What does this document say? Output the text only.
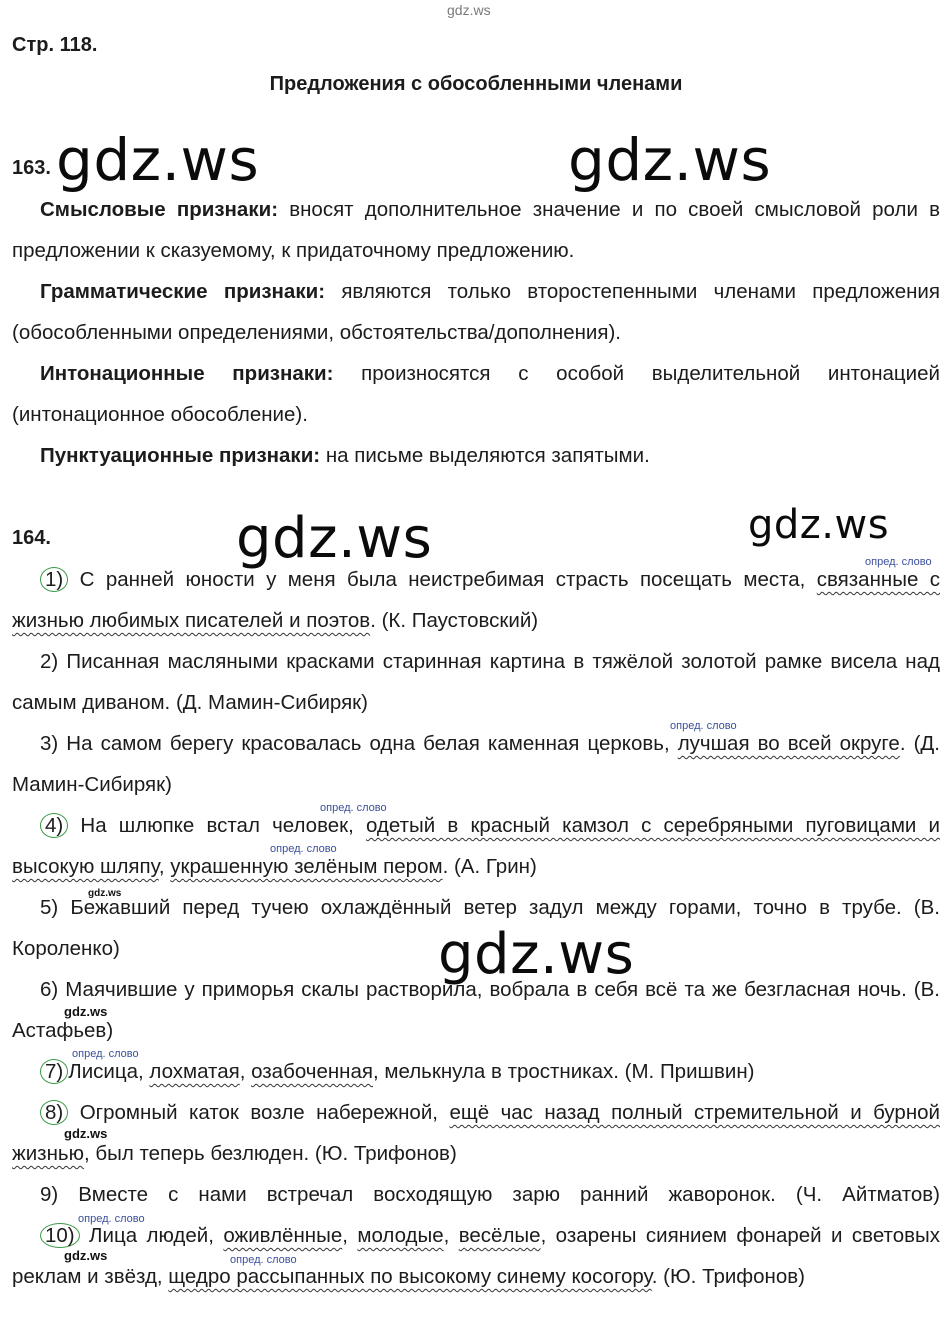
gdz.ws
Стр. 118.
Предложения с обособленными членами
163. gdz.ws	gdz.ws
Смысловые признаки: вносят дополнительное значение и по своей смысловой роли в предложении к сказуемому, к придаточному предложению.
Грамматические признаки: являются только второстепенными членами предложения (обособленными определениями, обстоятельства/дополнения).
Интонационные признаки: произносятся с особой выделительной интонацией (интонационное обособление).
Пунктуационные признаки: на письме выделяются запятыми.
164.	gdz.ws	gdz.ws
gdz.ws
gdz.ws
gdz.ws
gdz.ws
gdz.ws
опред. слово
опред. слово
опред. слово
опред. слово
опред. слово
опред. слово
опред. слово
1) С ранней юности у меня была неистребимая страсть посещать места, связанные с жизнью любимых писателей и поэтов. (К. Паустовский)
2) Писанная масляными красками старинная картина в тяжёлой золотой рамке висела над самым диваном. (Д. Мамин-Сибиряк)
3) На самом берегу красовалась одна белая каменная церковь, лучшая во всей округе. (Д. Мамин-Сибиряк)
4) На шлюпке встал человек, одетый в красный камзол с серебряными пуговицами и высокую шляпу, украшенную зелёным пером. (А. Грин)
5) Бежавший перед тучею охлаждённый ветер задул между горами, точно в трубе. (В. Короленко)
6) Маячившие у приморья скалы растворила, вобрала в себя всё та же безгласная ночь. (В. Астафьев)
7) Лисица, лохматая, озабоченная, мелькнула в тростниках. (М. Пришвин)
8) Огромный каток возле набережной, ещё час назад полный стремительной и бурной жизнью, был теперь безлюден. (Ю. Трифонов)
9) Вместе с нами встречал восходящую зарю ранний жаворонок. (Ч. Айтматов)
10) Лица людей, оживлённые, молодые, весёлые, озарены сиянием фонарей и световых реклам и звёзд, щедро рассыпанных по высокому синему косогору. (Ю. Трифонов)
